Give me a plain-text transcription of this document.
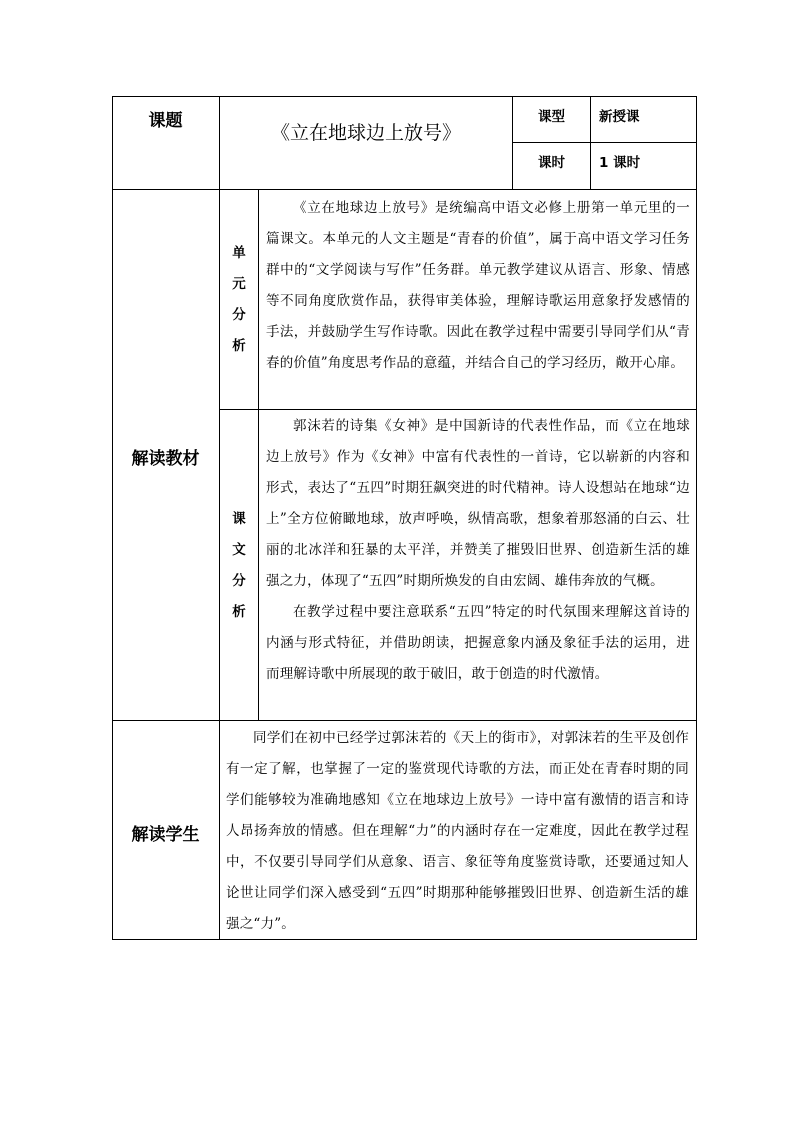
课题
《立在地球边上放号》
课型	新授课
课时	1 课时
解读教材
单
元
分
析

《立在地球边上放号》是统编高中语文必修上册第一单元里的一篇课文。本单元的人文主题是“青春的价值”，属于高中语文学习任务群中的“文学阅读与写作”任务群。单元教学建议从语言、形象、情感等不同角度欣赏作品，获得审美体验，理解诗歌运用意象抒发感情的手法，并鼓励学生写作诗歌。因此在教学过程中需要引导同学们从“青春的价值”角度思考作品的意蕴，并结合自己的学习经历，敞开心扉。

课
文
分
析

郭沫若的诗集《女神》是中国新诗的代表性作品，而《立在地球边上放号》作为《女神》中富有代表性的一首诗，它以崭新的内容和形式，表达了“五四”时期狂飙突进的时代精神。诗人设想站在地球“边上”全方位俯瞰地球，放声呼唤，纵情高歌，想象着那怒涌的白云、壮丽的北冰洋和狂暴的太平洋，并赞美了摧毁旧世界、创造新生活的雄强之力，体现了“五四”时期所焕发的自由宏阔、雄伟奔放的气概。

在教学过程中要注意联系“五四”特定的时代氛围来理解这首诗的内涵与形式特征，并借助朗读，把握意象内涵及象征手法的运用，进而理解诗歌中所展现的敢于破旧，敢于创造的时代激情。

解读学生

同学们在初中已经学过郭沫若的《天上的街市》，对郭沫若的生平及创作有一定了解，也掌握了一定的鉴赏现代诗歌的方法，而正处在青春时期的同学们能够较为准确地感知《立在地球边上放号》一诗中富有激情的语言和诗人昂扬奔放的情感。但在理解“力”的内涵时存在一定难度，因此在教学过程中，不仅要引导同学们从意象、语言、象征等角度鉴赏诗歌，还要通过知人论世让同学们深入感受到“五四”时期那种能够摧毁旧世界、创造新生活的雄强之“力”。
